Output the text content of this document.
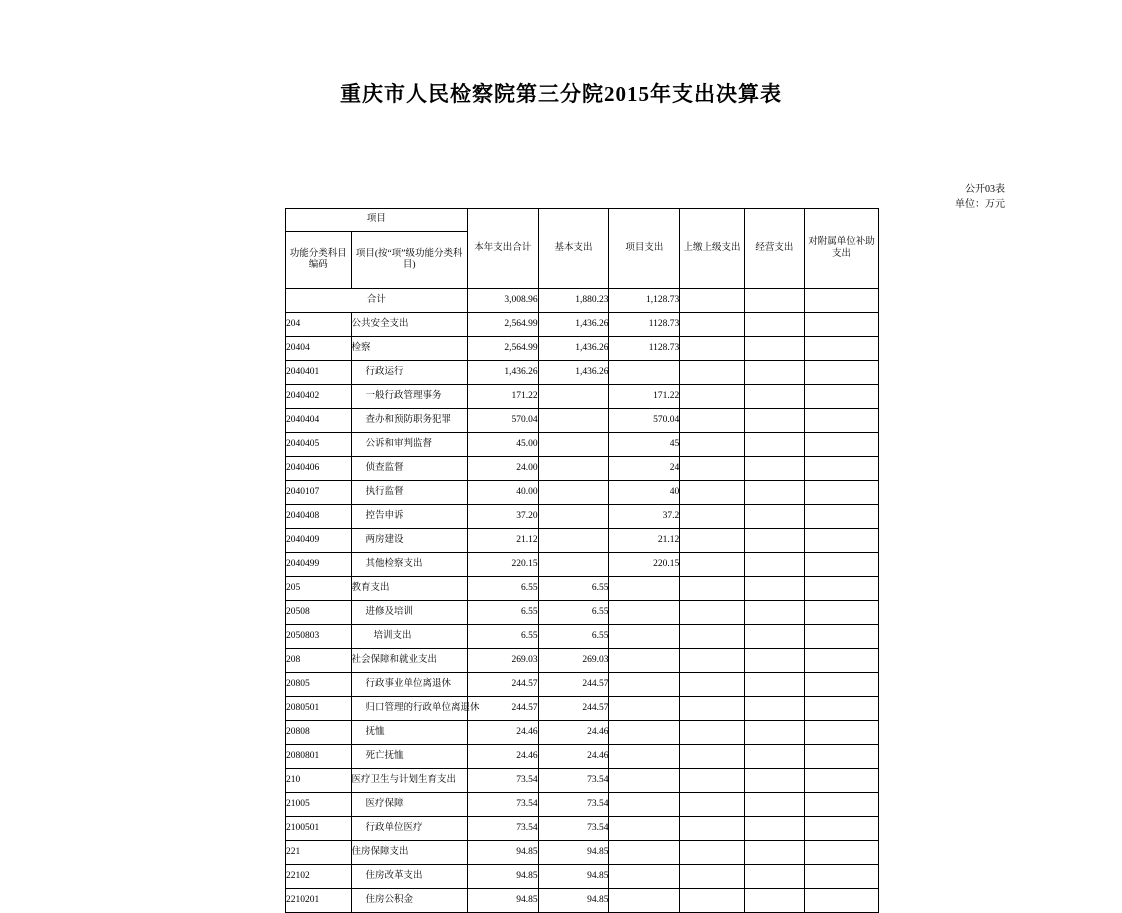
重庆市人民检察院第三分院2015年支出决算表
公开03表
单位：万元
项目		本年支出合计	基本支出	项目支出	上缴上级支出	经营支出	对附属单位补助支出
功能分类科目编码	项目(按“项”级功能分类科目)						
合计		3,008.96	1,880.23	1,128.73			
204	公共安全支出	2,564.99	1,436.26	1128.73			
20404	检察	2,564.99	1,436.26	1128.73			
2040401	行政运行	1,436.26	1,436.26				
2040402	一般行政管理事务	171.22		171.22			
2040404	查办和预防职务犯罪	570.04		570.04			
2040405	公诉和审判监督	45.00		45			
2040406	侦查监督	24.00		24			
2040107	执行监督	40.00		40			
2040408	控告申诉	37.20		37.2			
2040409	两房建设	21.12		21.12			
2040499	其他检察支出	220.15		220.15			
205	教育支出	6.55	6.55				
20508	进修及培训	6.55	6.55				
2050803	培训支出	6.55	6.55				
208	社会保障和就业支出	269.03	269.03				
20805	行政事业单位离退休	244.57	244.57				
2080501	归口管理的行政单位离退休	244.57	244.57				
20808	抚恤	24.46	24.46				
2080801	死亡抚恤	24.46	24.46				
210	医疗卫生与计划生育支出	73.54	73.54				
21005	医疗保障	73.54	73.54				
2100501	行政单位医疗	73.54	73.54				
221	住房保障支出	94.85	94.85				
22102	住房改革支出	94.85	94.85				
2210201	住房公积金	94.85	94.85				
